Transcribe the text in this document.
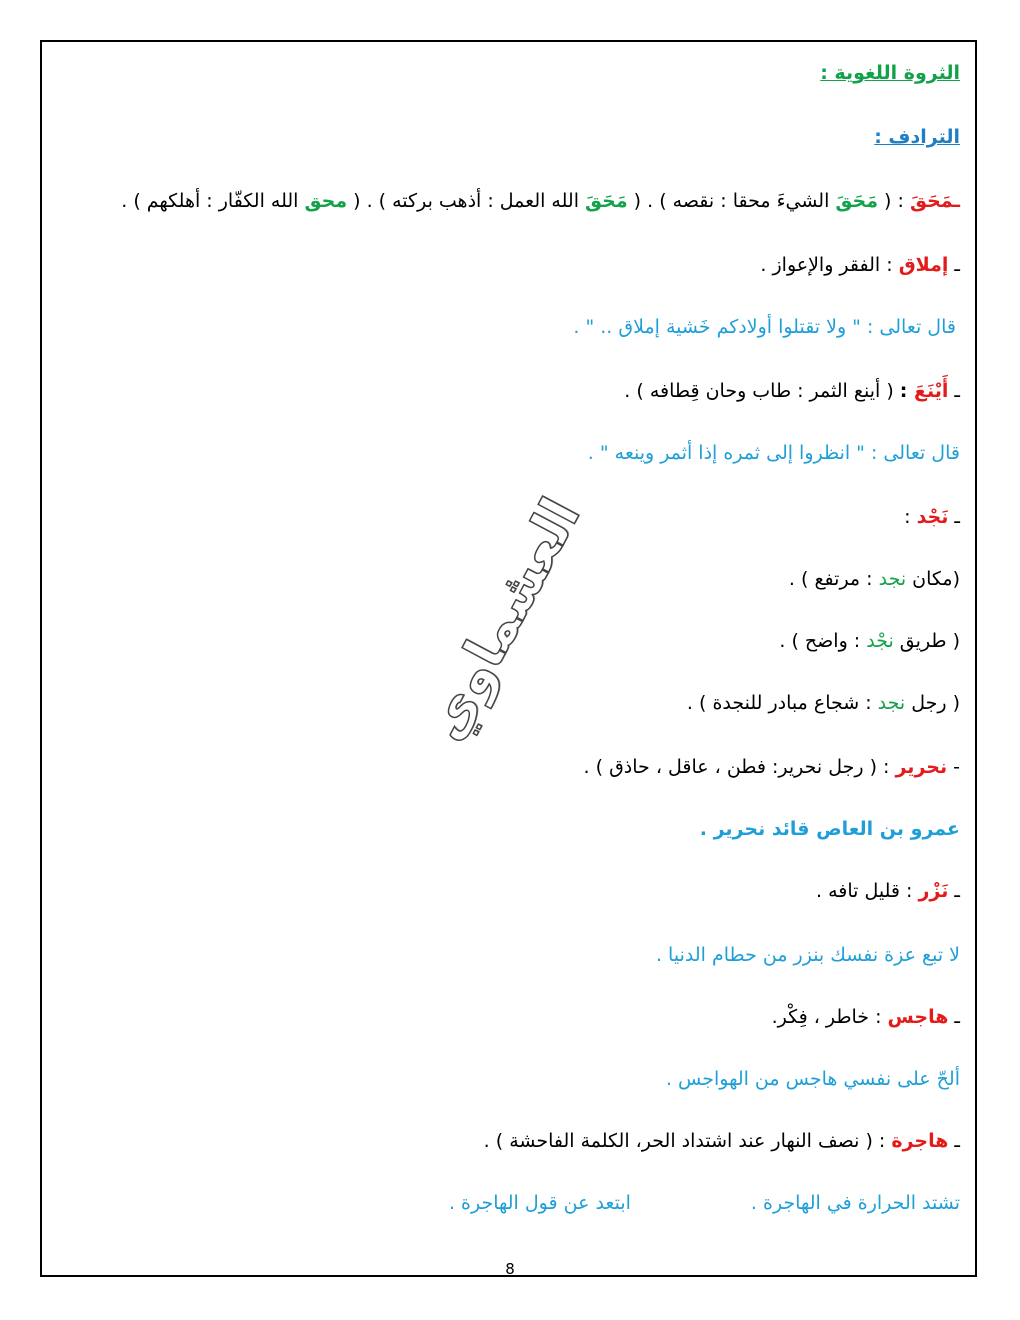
الثروة اللغوية :
الترادف :
ـمَحَقَ : ( مَحَقَ الشيءَ محقا : نقصه ) . ( مَحَقَ الله العمل : أذهب بركته ) . ( محق الله الكفّار : أهلكهم ) .
ـ إملاق : الفقر والإعواز .
قال تعالى : " ولا تقتلوا أولادكم خَشية إملاق .. " .
ـ أَيْنَعَ : ( أينع الثمر : طاب وحان قِطافه ) .
قال تعالى : " انظروا إلى ثمره إذا أثمر وينعه " .
ـ نَجْد :
(مكان نجد : مرتفع ) .
( طريق نجْد : واضح ) .
( رجل نجد : شجاع مبادر للنجدة ) .
- نحرير : ( رجل نحرير: فطن ، عاقل ، حاذق ) .
عمرو بن العاص قائد نحرير .
ـ نَزْر : قليل تافه .
لا تبع عزة نفسك بنزر من حطام الدنيا .
ـ هاجس : خاطر ، فِكْر.
ألحّ على نفسي هاجس من الهواجس .
ـ هاجرة : ( نصف النهار عند اشتداد الحر، الكلمة الفاحشة ) .
تشتد الحرارة في الهاجرة .ابتعد عن قول الهاجرة .
العشماوي
8
